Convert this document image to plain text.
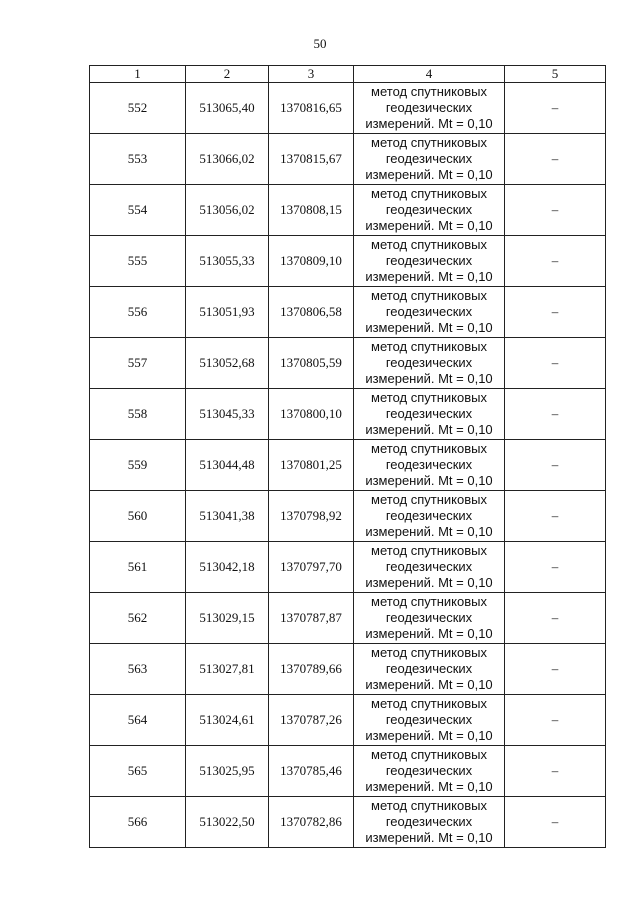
50
1	2	3	4	5
552	513065,40	1370816,65	метод спутниковых
геодезических
измерений. Mt = 0,10	–
553	513066,02	1370815,67	метод спутниковых
геодезических
измерений. Mt = 0,10	–
554	513056,02	1370808,15	метод спутниковых
геодезических
измерений. Mt = 0,10	–
555	513055,33	1370809,10	метод спутниковых
геодезических
измерений. Mt = 0,10	–
556	513051,93	1370806,58	метод спутниковых
геодезических
измерений. Mt = 0,10	–
557	513052,68	1370805,59	метод спутниковых
геодезических
измерений. Mt = 0,10	–
558	513045,33	1370800,10	метод спутниковых
геодезических
измерений. Mt = 0,10	–
559	513044,48	1370801,25	метод спутниковых
геодезических
измерений. Mt = 0,10	–
560	513041,38	1370798,92	метод спутниковых
геодезических
измерений. Mt = 0,10	–
561	513042,18	1370797,70	метод спутниковых
геодезических
измерений. Mt = 0,10	–
562	513029,15	1370787,87	метод спутниковых
геодезических
измерений. Mt = 0,10	–
563	513027,81	1370789,66	метод спутниковых
геодезических
измерений. Mt = 0,10	–
564	513024,61	1370787,26	метод спутниковых
геодезических
измерений. Mt = 0,10	–
565	513025,95	1370785,46	метод спутниковых
геодезических
измерений. Mt = 0,10	–
566	513022,50	1370782,86	метод спутниковых
геодезических
измерений. Mt = 0,10	–
